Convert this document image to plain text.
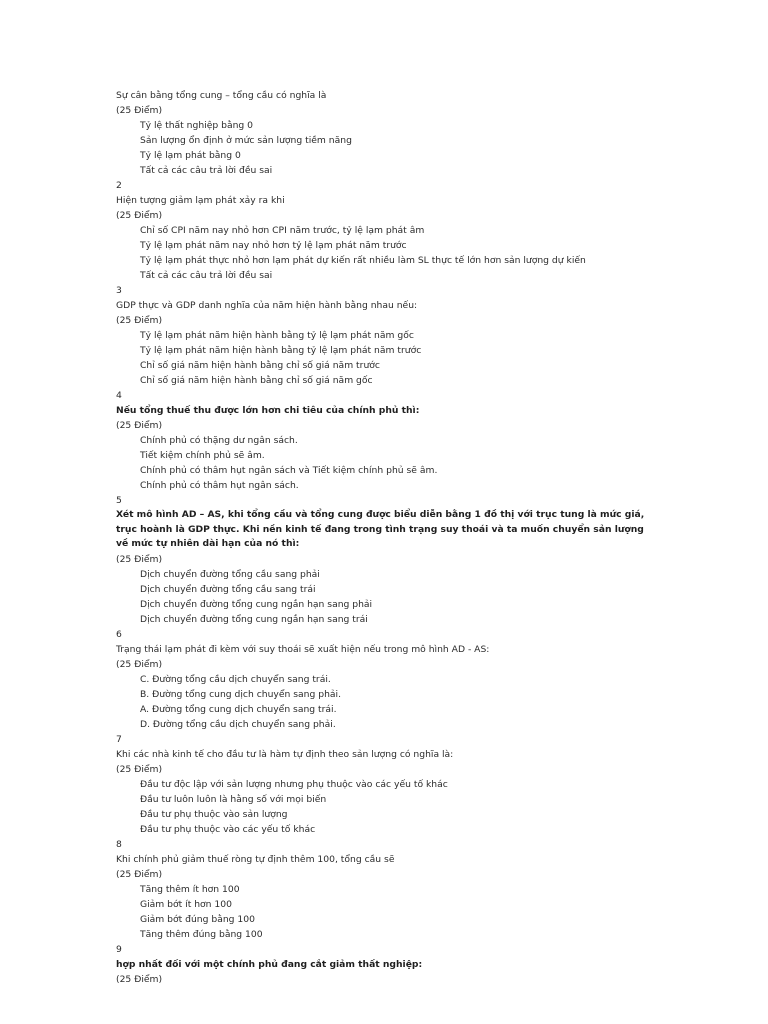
Sự cân bằng tổng cung – tổng cầu có nghĩa là
(25 Điểm)
Tỷ lệ thất nghiệp bằng 0
Sản lượng ổn định ở mức sản lượng tiềm năng
Tỷ lệ lạm phát bằng 0
Tất cả các câu trả lời đều sai
2
Hiện tượng giảm lạm phát xảy ra khi
(25 Điểm)
Chỉ số CPI năm nay nhỏ hơn CPI năm trước, tỷ lệ lạm phát âm
Tỷ lệ lạm phát năm nay nhỏ hơn tỷ lệ lạm phát năm trước
Tỷ lệ lạm phát thực nhỏ hơn lạm phát dự kiến rất nhiều làm SL thực tế lớn hơn sản lượng dự kiến
Tất cả các câu trả lời đều sai
3
GDP thực và GDP danh nghĩa của năm hiện hành bằng nhau nếu:
(25 Điểm)
Tỷ lệ lạm phát năm hiện hành bằng tỷ lệ lạm phát năm gốc
Tỷ lệ lạm phát năm hiện hành bằng tỷ lệ lạm phát năm trước
Chỉ số giá năm hiện hành bằng chỉ số giá năm trước
Chỉ số giá năm hiện hành bằng chỉ số giá năm gốc
4
Nếu tổng thuế thu được lớn hơn chi tiêu của chính phủ thì:
(25 Điểm)
Chính phủ có thặng dư ngân sách.
Tiết kiệm chính phủ sẽ âm.
Chính phủ có thâm hụt ngân sách và Tiết kiệm chính phủ sẽ âm.
Chính phủ có thâm hụt ngân sách.
5
Xét mô hình AD – AS, khi tổng cầu và tổng cung được biểu diễn bằng 1 đồ thị với trục tung là mức giá, trục hoành là GDP thực. Khi nền kinh tế đang trong tình trạng suy thoái và ta muốn chuyển sản lượng về mức tự nhiên dài hạn của nó thì:
(25 Điểm)
Dịch chuyển đường tổng cầu sang phải
Dịch chuyển đường tổng cầu sang trái
Dịch chuyển đường tổng cung ngắn hạn sang phải
Dịch chuyển đường tổng cung ngắn hạn sang trái
6
Trạng thái lạm phát đi kèm với suy thoái sẽ xuất hiện nếu trong mô hình AD - AS:
(25 Điểm)
C. Đường tổng cầu dịch chuyển sang trái.
B. Đường tổng cung dịch chuyển sang phải.
A. Đường tổng cung dịch chuyển sang trái.
D. Đường tổng cầu dịch chuyển sang phải.
7
Khi các nhà kinh tế cho đầu tư là hàm tự định theo sản lượng có nghĩa là:
(25 Điểm)
Đầu tư độc lập với sản lượng nhưng phụ thuộc vào các yếu tố khác
Đầu tư luôn luôn là hằng số với mọi biến
Đầu tư phụ thuộc vào sản lượng
Đầu tư phụ thuộc vào các yếu tố khác
8
Khi chính phủ giảm thuế ròng tự định thêm 100, tổng cầu sẽ
(25 Điểm)
Tăng thêm ít hơn 100
Giảm bớt ít hơn 100
Giảm bớt đúng bằng 100
Tăng thêm đúng bằng 100
9
hợp nhất đối với một chính phủ đang cắt giảm thất nghiệp:
(25 Điểm)
